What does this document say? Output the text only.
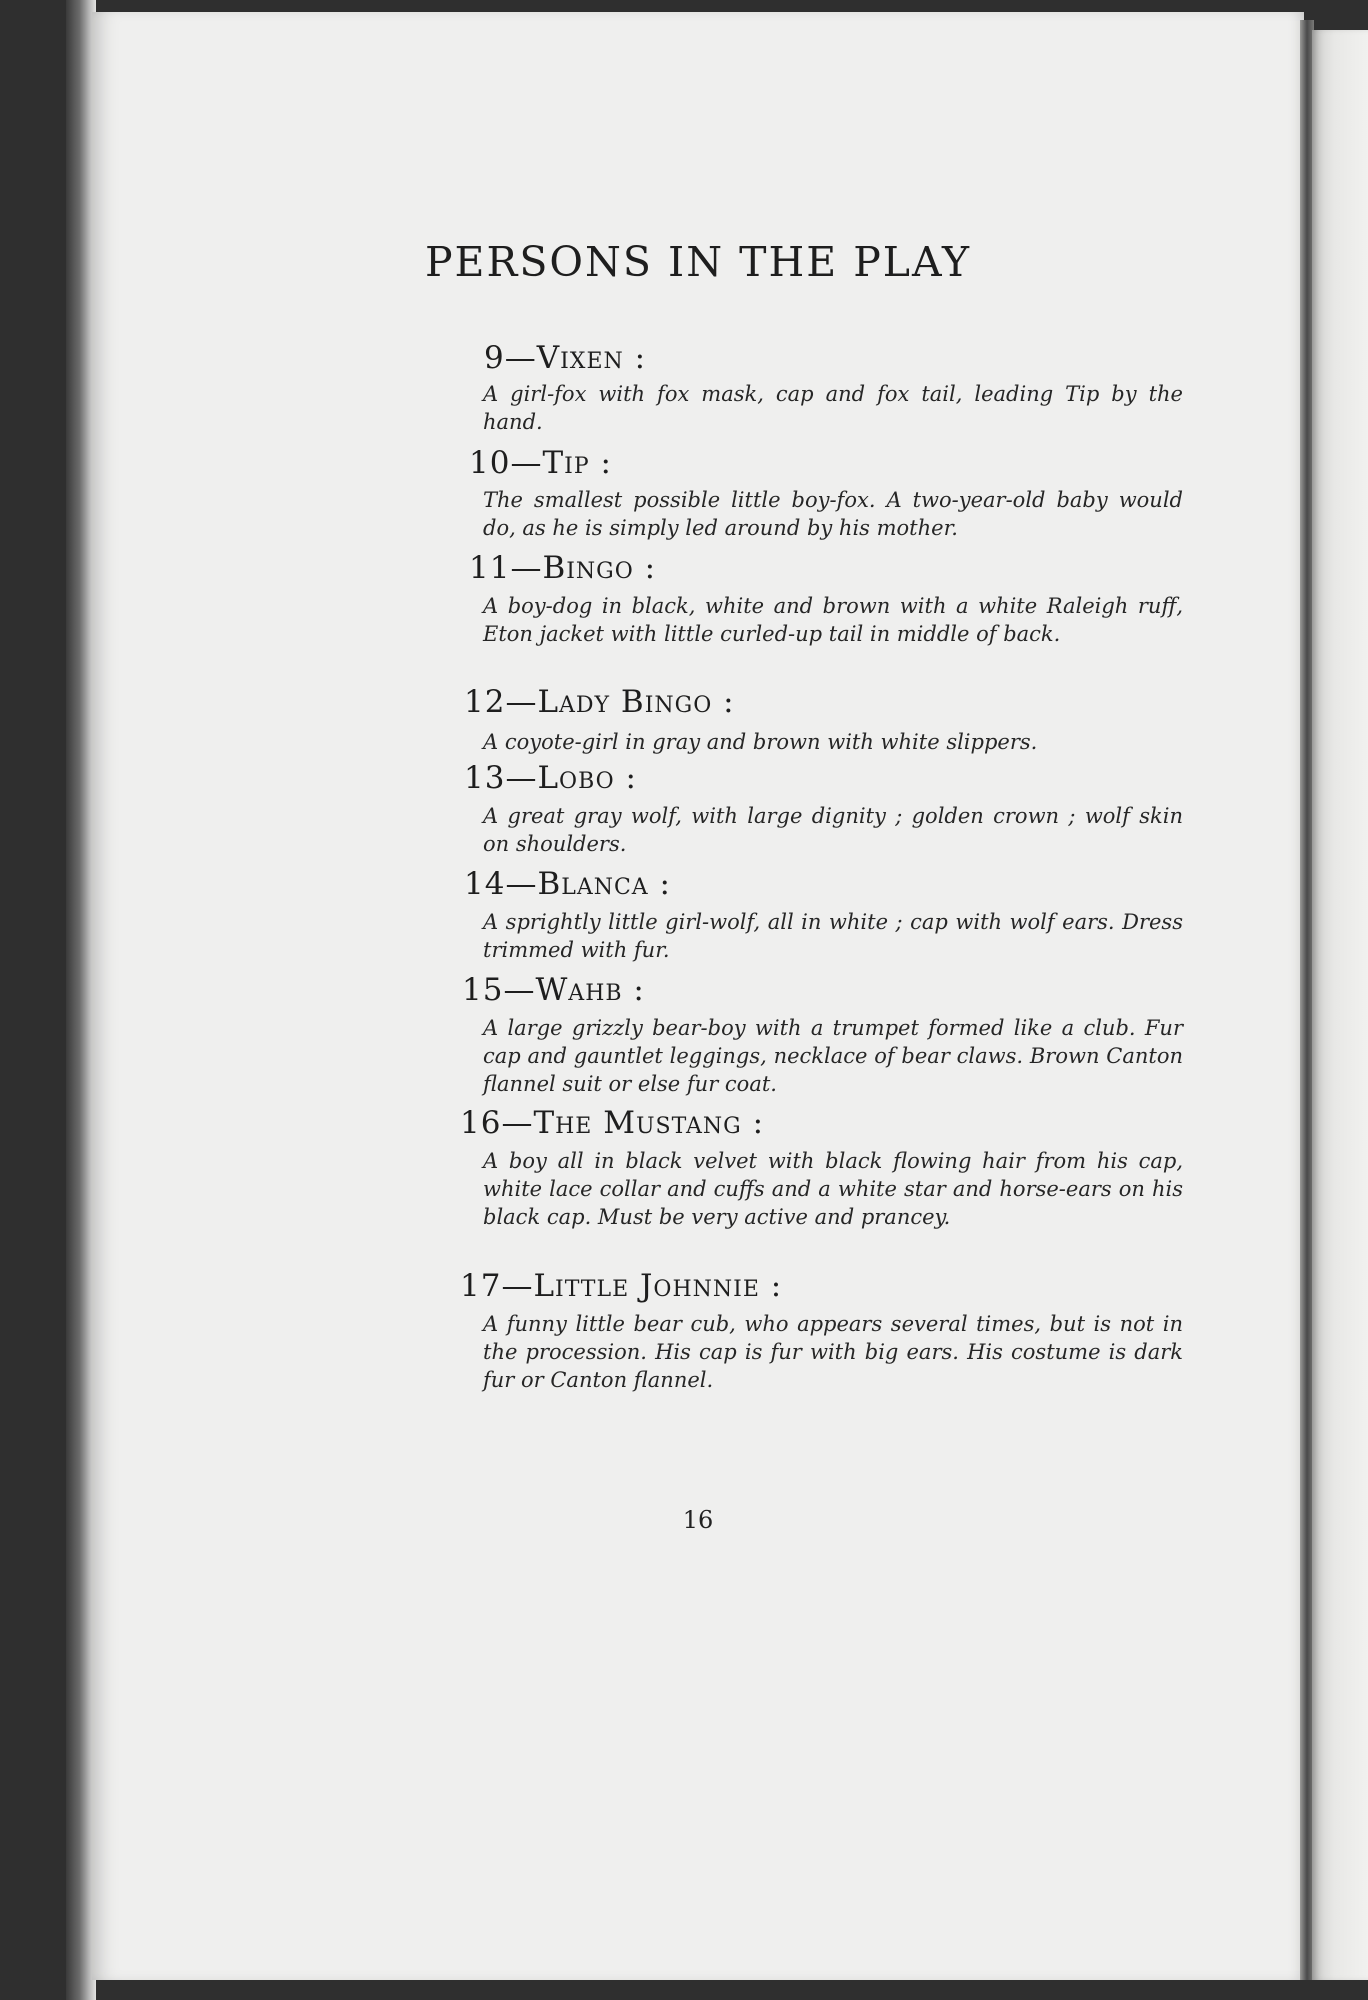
PERSONS IN THE PLAY
9—Vixen :
A girl-fox with fox mask, cap and fox tail, leading Tip by the hand.
10—Tip :
The smallest possible little boy-fox. A two-year-old baby would do, as he is simply led around by his mother.
11—Bingo :
A boy-dog in black, white and brown with a white Raleigh ruff, Eton jacket with little curled-up tail in middle of back.
12—Lady Bingo :
A coyote-girl in gray and brown with white slippers.
13—Lobo :
A great gray wolf, with large dignity ; golden crown ; wolf skin on shoulders.
14—Blanca :
A sprightly little girl-wolf, all in white ; cap with wolf ears. Dress trimmed with fur.
15—Wahb :
A large grizzly bear-boy with a trumpet formed like a club. Fur cap and gauntlet leggings, necklace of bear claws. Brown Canton flannel suit or else fur coat.
16—The Mustang :
A boy all in black velvet with black flowing hair from his cap, white lace collar and cuffs and a white star and horse-ears on his black cap. Must be very active and prancey.
17—Little Johnnie :
A funny little bear cub, who appears several times, but is not in the procession. His cap is fur with big ears. His costume is dark fur or Canton flannel.
16
